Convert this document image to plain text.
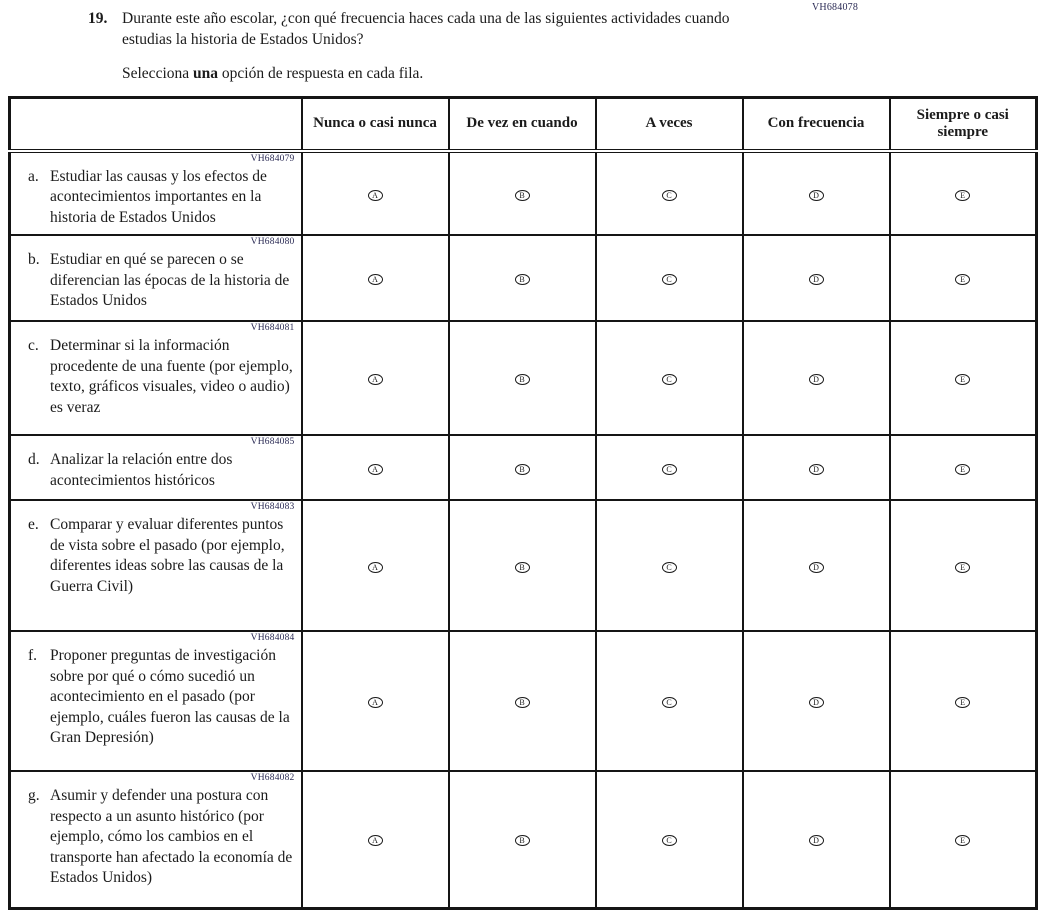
VH684078
19. Durante este año escolar, ¿con qué frecuencia haces cada una de las siguientes actividades cuando estudias la historia de Estados Unidos?
Selecciona una opción de respuesta en cada fila.
	Nunca o casi nunca	De vez en cuando	A veces	Con frecuencia	Siempre o casi siempre

VH684079
a. Estudiar las causas y los efectos de acontecimientos importantes en la historia de Estados Unidos	A	B	C	D	E

VH684080
b. Estudiar en qué se parecen o se diferencian las épocas de la historia de Estados Unidos	A	B	C	D	E

VH684081
c. Determinar si la información procedente de una fuente (por ejemplo, texto, gráficos visuales, video o audio) es veraz	A	B	C	D	E

VH684085
d. Analizar la relación entre dos acontecimientos históricos	A	B	C	D	E

VH684083
e. Comparar y evaluar diferentes puntos de vista sobre el pasado (por ejemplo, diferentes ideas sobre las causas de la Guerra Civil)	A	B	C	D	E

VH684084
f. Proponer preguntas de investigación sobre por qué o cómo sucedió un acontecimiento en el pasado (por ejemplo, cuáles fueron las causas de la Gran Depresión)	A	B	C	D	E

VH684082
g. Asumir y defender una postura con respecto a un asunto histórico (por ejemplo, cómo los cambios en el transporte han afectado la economía de Estados Unidos)	A	B	C	D	E
